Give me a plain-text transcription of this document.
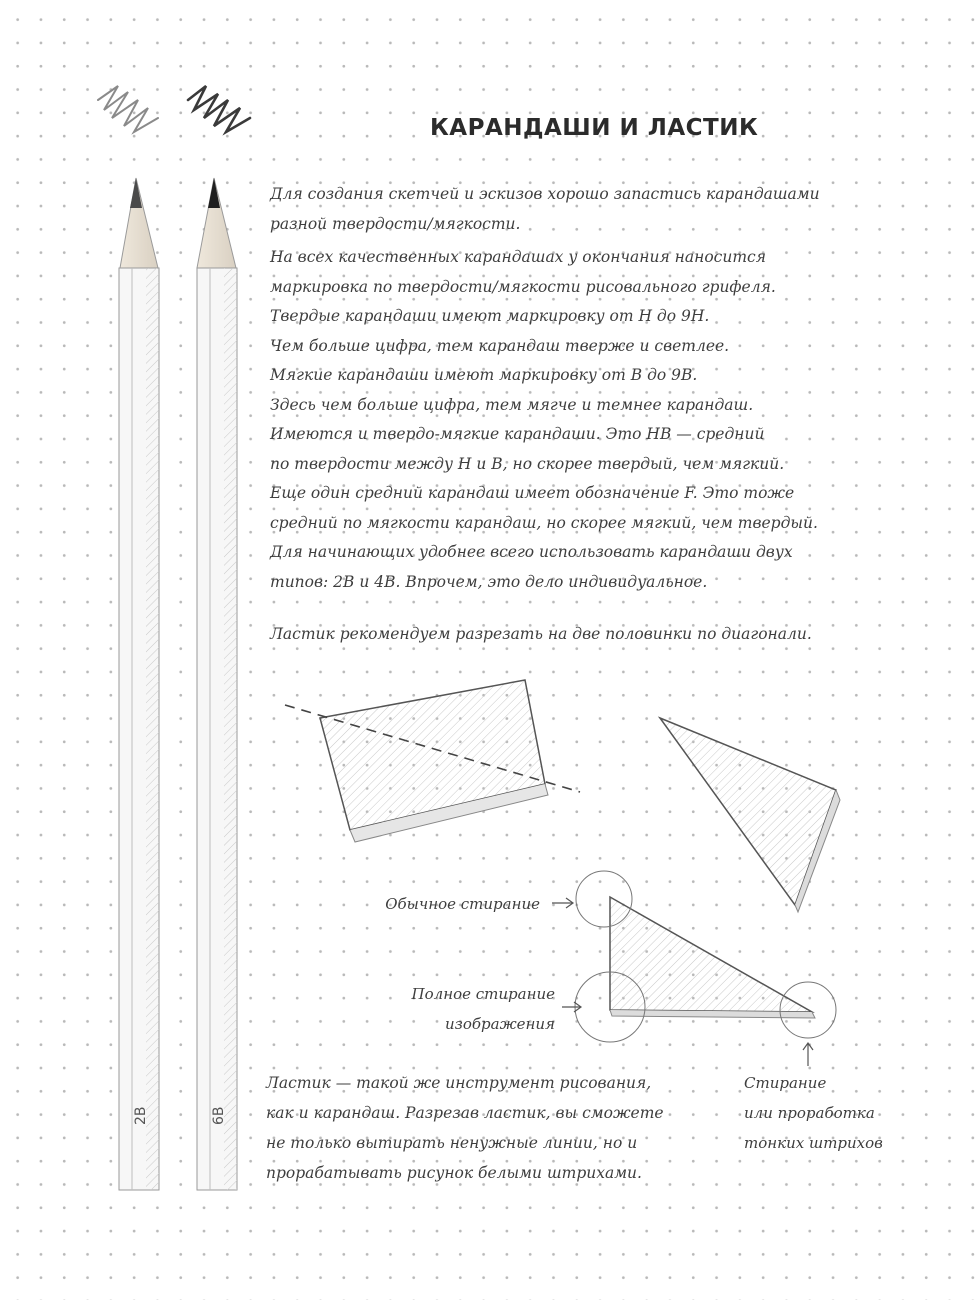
КАРАНДАШИ И ЛАСТИК
Для создания скетчей и эскизов хорошо запастись карандашами
разной твердости/мягкости.
На всех качественных карандашах у окончания наносится
маркировка по твердости/мягкости рисовального грифеля.
Твердые карандаши имеют маркировку от H до 9H.
Чем больше цифра, тем карандаш тверже и светлее.
Мягкие карандаши имеют маркировку от B до 9B.
Здесь чем больше цифра, тем мягче и темнее карандаш.
Имеются и твердо-мягкие карандаши. Это HB — средний
по твердости между H и B, но скорее твердый, чем мягкий.
Еще один средний карандаш имеет обозначение F. Это тоже
средний по мягкости карандаш, но скорее мягкий, чем твердый.
Для начинающих удобнее всего использовать карандаши двух
типов: 2B и 4B. Впрочем, это дело индивидуальное.
Ластик рекомендуем разрезать на две половинки по диагонали.
Обычное стирание
Полное стирание
изображения
Стирание
или проработка
тонких штрихов
Ластик — такой же инструмент рисования,
как и карандаш. Разрезав ластик, вы сможете
не только вытирать ненужные линии, но и
прорабатывать рисунок белыми штрихами.
2B	6B
